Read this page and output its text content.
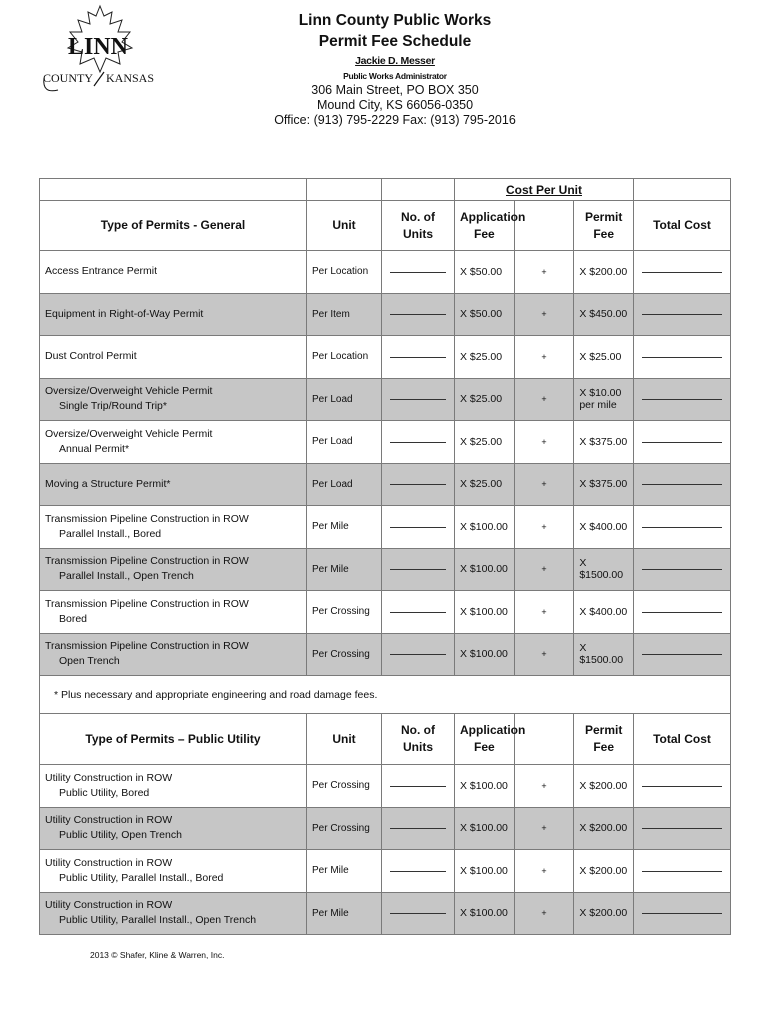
LINN
COUNTY KANSAS
Linn County Public Works
Permit Fee Schedule
Jackie D. Messer
Public Works Administrator
306 Main Street, PO BOX 350
Mound City, KS 66056-0350
Office: (913) 795-2229 Fax: (913) 795-2016
			Cost Per Unit			
Type of Permits - General	Unit	No. of Units	Application Fee		Permit Fee	Total Cost

Access Entrance Permit	Per Location		X $50.00	+	X $200.00	

Equipment in Right-of-Way Permit	Per Item		X $50.00	+	X $450.00	

Dust Control Permit	Per Location		X $25.00	+	X $25.00	

Oversize/Overweight Vehicle Permit
Single Trip/Round Trip*	Per Load		X $25.00	+	X $10.00
per mile	

Oversize/Overweight Vehicle Permit
Annual Permit*	Per Load		X $25.00	+	X $375.00	

Moving a Structure Permit*	Per Load		X $25.00	+	X $375.00	

Transmission Pipeline Construction in ROW
Parallel Install., Bored	Per Mile		X $100.00	+	X $400.00	

Transmission Pipeline Construction in ROW
Parallel Install., Open Trench	Per Mile		X $100.00	+	X $1500.00	

Transmission Pipeline Construction in ROW
Bored	Per Crossing		X $100.00	+	X $400.00	

Transmission Pipeline Construction in ROW
Open Trench	Per Crossing		X $100.00	+	X $1500.00	

* Plus necessary and appropriate engineering and road damage fees.						
Type of Permits – Public Utility	Unit	No. of Units	Application Fee		Permit Fee	Total Cost

Utility Construction in ROW
Public Utility, Bored	Per Crossing		X $100.00	+	X $200.00	

Utility Construction in ROW
Public Utility, Open Trench	Per Crossing		X $100.00	+	X $200.00	

Utility Construction in ROW
Public Utility, Parallel Install., Bored	Per Mile		X $100.00	+	X $200.00	

Utility Construction in ROW
Public Utility, Parallel Install., Open Trench	Per Mile		X $100.00	+	X $200.00	

2013 © Shafer, Kline & Warren, Inc.
